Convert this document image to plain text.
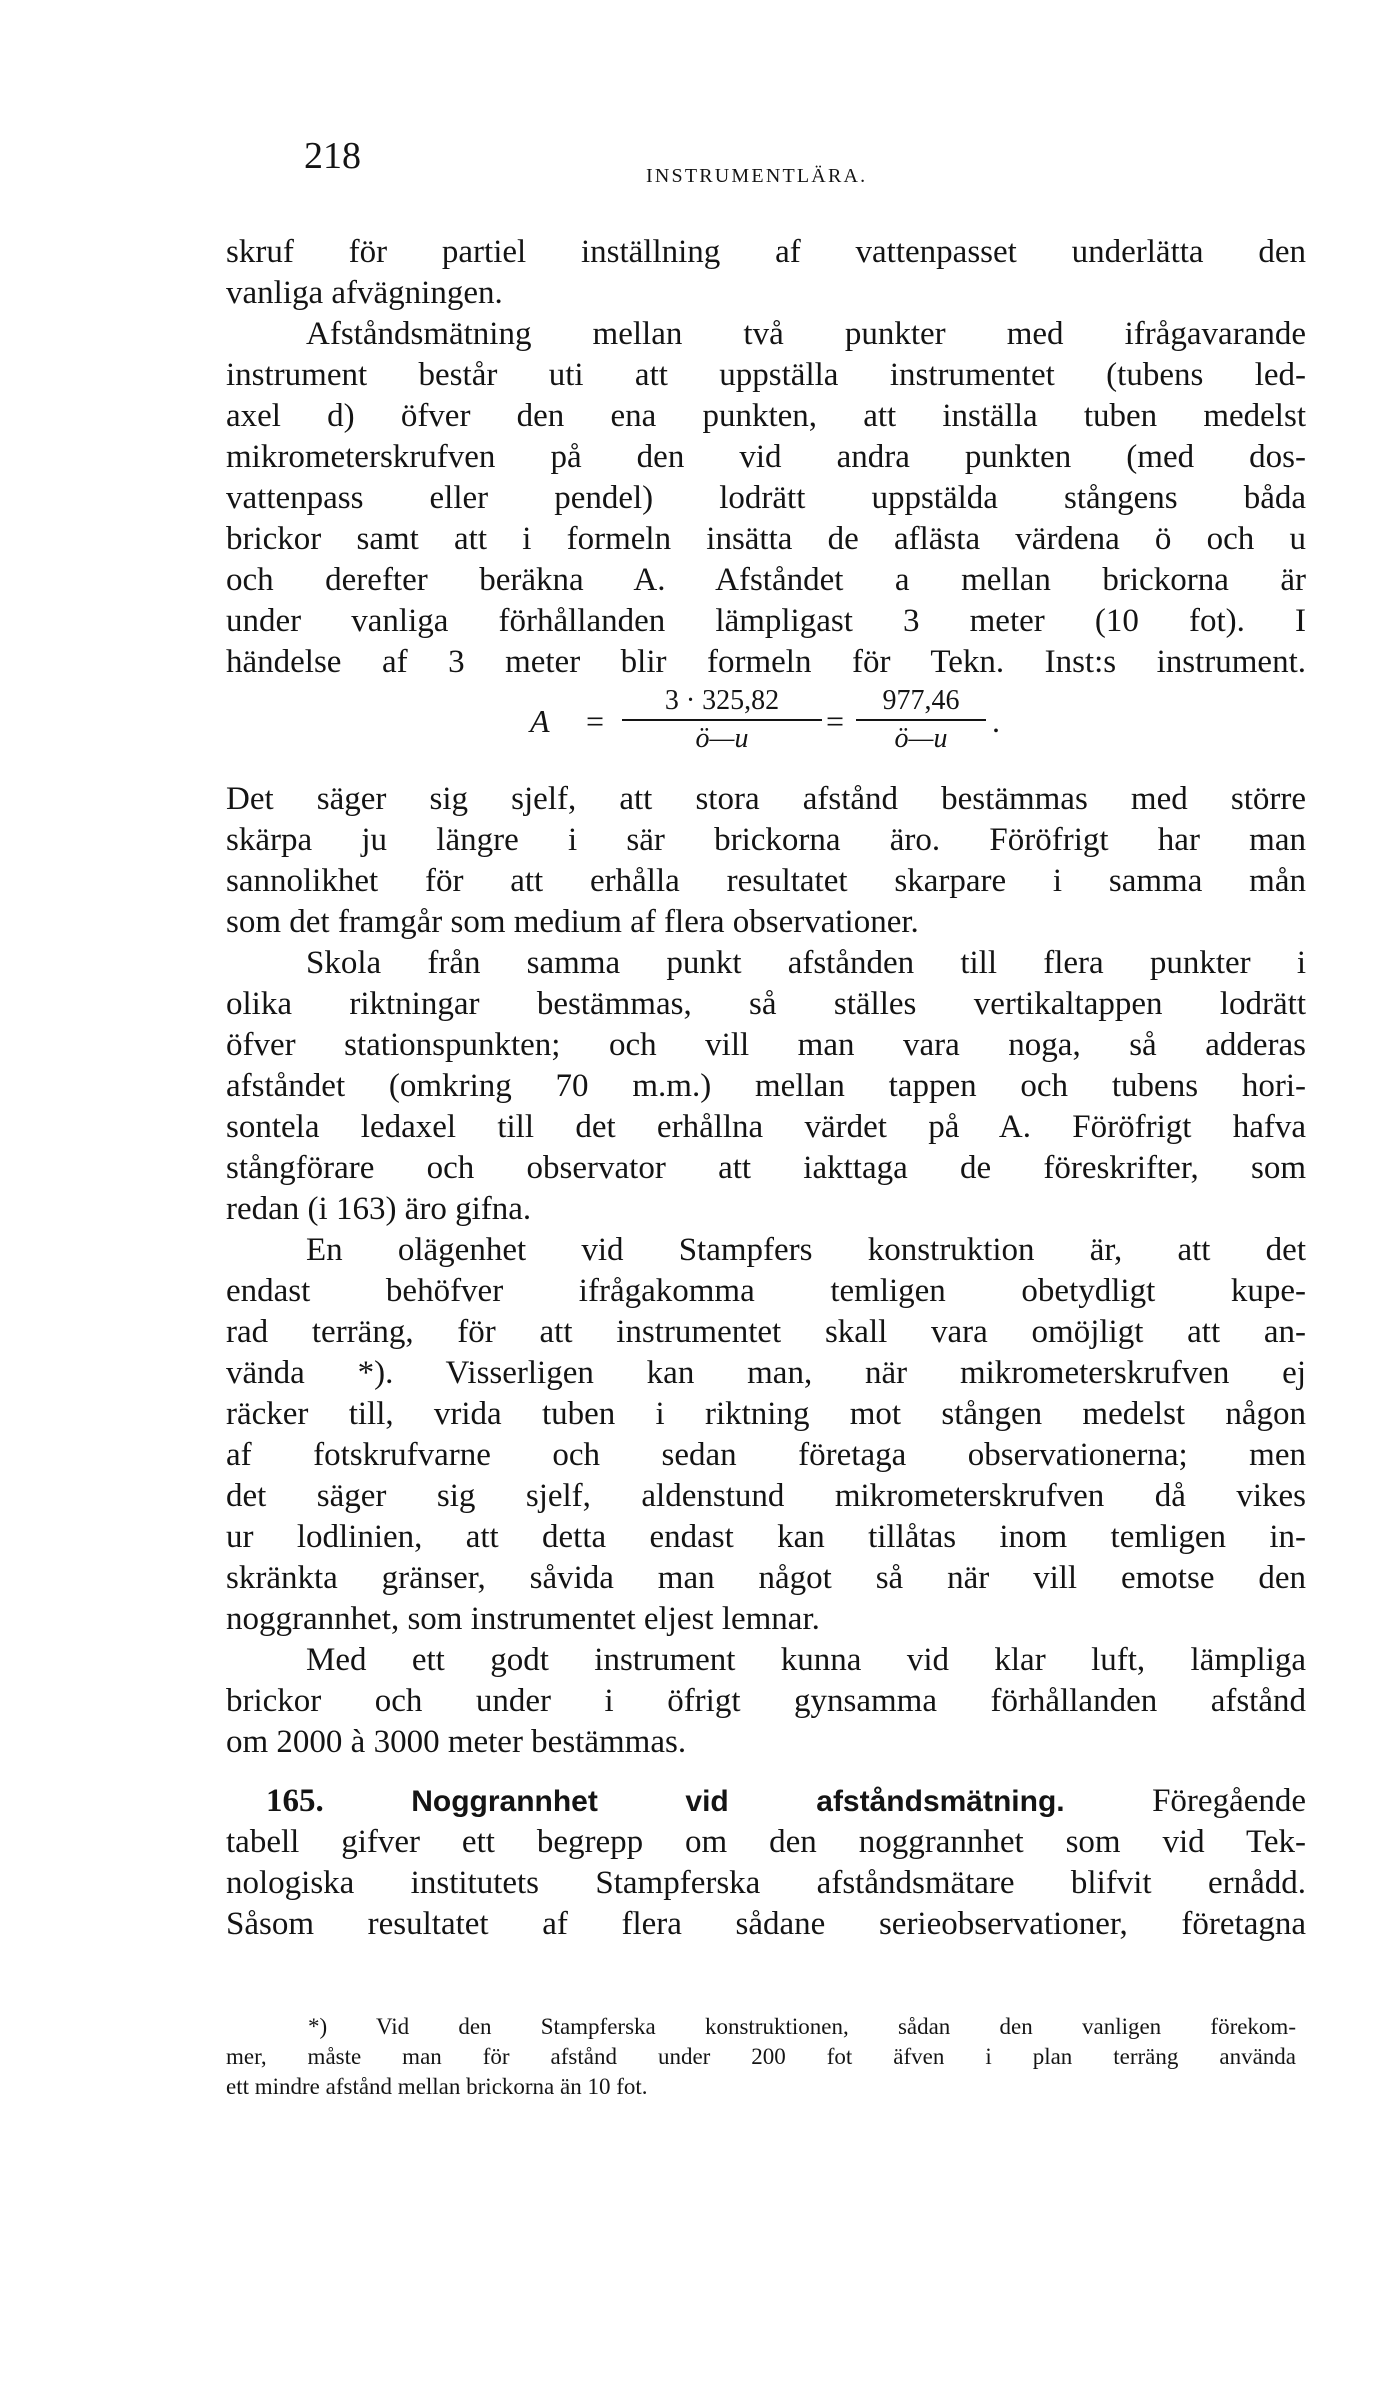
218	INSTRUMENTLÄRA.
skruf för partiel inställning af vattenpasset underlätta den
vanliga afvägningen.
Afståndsmätning mellan två punkter med ifrågavarande
instrument består uti att uppställa instrumentet (tubens led-
axel d) öfver den ena punkten, att inställa tuben medelst
mikrometerskrufven på den vid andra punkten (med dos-
vattenpass eller pendel) lodrätt uppstälda stångens båda
brickor samt att i formeln insätta de aflästa värdena ö och u
och derefter beräkna A. Afståndet a mellan brickorna är
under vanliga förhållanden lämpligast 3 meter (10 fot). I
händelse af 3 meter blir formeln för Tekn. Inst:s instrument.
$A = \frac{3 \cdot 325,82}{ö—u} = \frac{977,46}{ö—u}$ .
Det säger sig sjelf, att stora afstånd bestämmas med större
skärpa ju längre i sär brickorna äro. Föröfrigt har man
sannolikhet för att erhålla resultatet skarpare i samma mån
som det framgår som medium af flera observationer.
Skola från samma punkt afstånden till flera punkter i
olika riktningar bestämmas, så ställes vertikaltappen lodrätt
öfver stationspunkten; och vill man vara noga, så adderas
afståndet (omkring 70 m.m.) mellan tappen och tubens hori-
sontela ledaxel till det erhållna värdet på A. Föröfrigt hafva
stångförare och observator att iakttaga de föreskrifter, som
redan (i 163) äro gifna.
En olägenhet vid Stampfers konstruktion är, att det
endast behöfver ifrågakomma temligen obetydligt kupe-
rad terräng, för att instrumentet skall vara omöjligt att an-
vända *). Visserligen kan man, när mikrometerskrufven ej
räcker till, vrida tuben i riktning mot stången medelst någon
af fotskrufvarne och sedan företaga observationerna; men
det säger sig sjelf, aldenstund mikrometerskrufven då vikes
ur lodlinien, att detta endast kan tillåtas inom temligen in-
skränkta gränser, såvida man något så när vill emotse den
noggrannhet, som instrumentet eljest lemnar.
Med ett godt instrument kunna vid klar luft, lämpliga
brickor och under i öfrigt gynsamma förhållanden afstånd
om 2000 à 3000 meter bestämmas.
165.	Noggrannhet vid afståndsmätning.	Föregående
tabell gifver ett begrepp om den noggrannhet som vid Tek-
nologiska institutets Stampferska afståndsmätare blifvit ernådd.
Såsom resultatet af flera sådane serieobservationer, företagna
*) Vid den Stampferska konstruktionen, sådan den vanligen förekom-
mer, måste man för afstånd under 200 fot äfven i plan terräng använda
ett mindre afstånd mellan brickorna än 10 fot.
